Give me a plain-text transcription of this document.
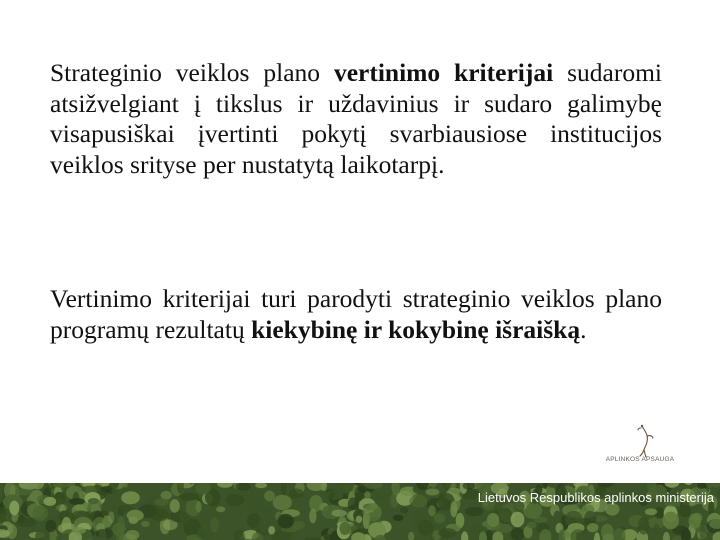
Strateginio veiklos plano vertinimo kriterijai sudaromi atsižvelgiant į tikslus ir uždavinius ir sudaro galimybę visapusiškai įvertinti pokytį svarbiausiose institucijos veiklos srityse per nustatytą laikotarpį.

Vertinimo kriterijai turi parodyti strateginio veiklos plano programų rezultatų kiekybinę ir kokybinę išraišką.

APLINKOS APSAUGA
Lietuvos Respublikos aplinkos ministerija
